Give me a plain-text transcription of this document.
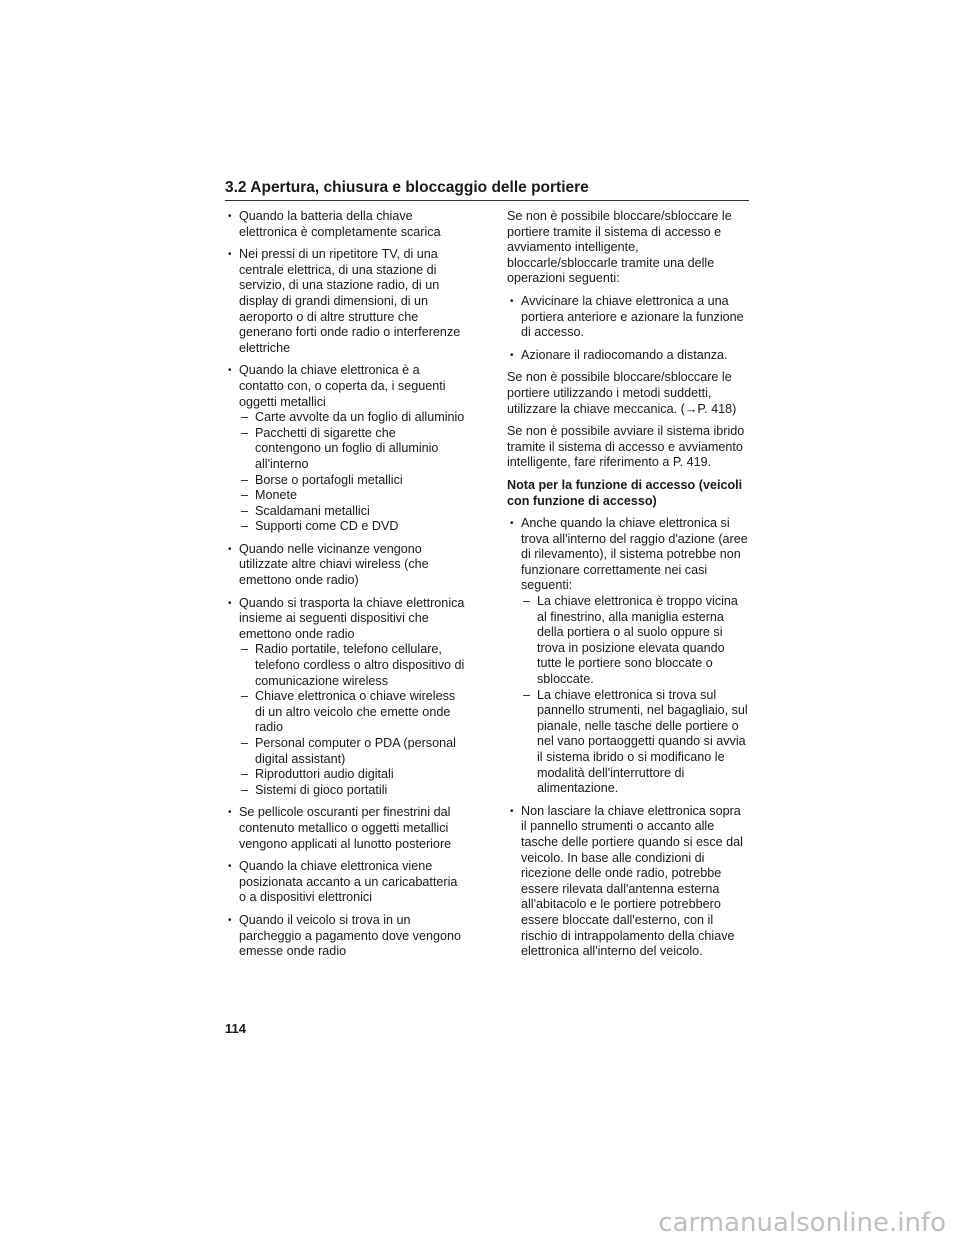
3.2 Apertura, chiusura e bloccaggio delle portiere
• Quando la batteria della chiave elettronica è completamente scarica
• Nei pressi di un ripetitore TV, di una centrale elettrica, di una stazione di servizio, di una stazione radio, di un display di grandi dimensioni, di un aeroporto o di altre strutture che generano forti onde radio o interferenze elettriche
• Quando la chiave elettronica è a contatto con, o coperta da, i seguenti oggetti metallici
– Carte avvolte da un foglio di alluminio
– Pacchetti di sigarette che contengono un foglio di alluminio all'interno
– Borse o portafogli metallici
– Monete
– Scaldamani metallici
– Supporti come CD e DVD
• Quando nelle vicinanze vengono utilizzate altre chiavi wireless (che emettono onde radio)
• Quando si trasporta la chiave elettronica insieme ai seguenti dispositivi che emettono onde radio
– Radio portatile, telefono cellulare, telefono cordless o altro dispositivo di comunicazione wireless
– Chiave elettronica o chiave wireless di un altro veicolo che emette onde radio
– Personal computer o PDA (personal digital assistant)
– Riproduttori audio digitali
– Sistemi di gioco portatili
• Se pellicole oscuranti per finestrini dal contenuto metallico o oggetti metallici vengono applicati al lunotto posteriore
• Quando la chiave elettronica viene posizionata accanto a un caricabatteria o a dispositivi elettronici
• Quando il veicolo si trova in un parcheggio a pagamento dove vengono emesse onde radio

Se non è possibile bloccare/sbloccare le portiere tramite il sistema di accesso e avviamento intelligente, bloccarle/sbloccarle tramite una delle operazioni seguenti:

• Avvicinare la chiave elettronica a una portiera anteriore e azionare la funzione di accesso.
• Azionare il radiocomando a distanza.

Se non è possibile bloccare/sbloccare le portiere utilizzando i metodi suddetti, utilizzare la chiave meccanica. (→P. 418)

Se non è possibile avviare il sistema ibrido tramite il sistema di accesso e avviamento intelligente, fare riferimento a P. 419.

Nota per la funzione di accesso (veicoli con funzione di accesso)

• Anche quando la chiave elettronica si trova all'interno del raggio d'azione (aree di rilevamento), il sistema potrebbe non funzionare correttamente nei casi seguenti:
– La chiave elettronica è troppo vicina al finestrino, alla maniglia esterna della portiera o al suolo oppure si trova in posizione elevata quando tutte le portiere sono bloccate o sbloccate.
– La chiave elettronica si trova sul pannello strumenti, nel bagagliaio, sul pianale, nelle tasche delle portiere o nel vano portaoggetti quando si avvia il sistema ibrido o si modificano le modalità dell'interruttore di alimentazione.
• Non lasciare la chiave elettronica sopra il pannello strumenti o accanto alle tasche delle portiere quando si esce dal veicolo. In base alle condizioni di ricezione delle onde radio, potrebbe essere rilevata dall'antenna esterna all'abitacolo e le portiere potrebbero essere bloccate dall'esterno, con il rischio di intrappolamento della chiave elettronica all'interno del veicolo.
114
carmanualsonline.info
